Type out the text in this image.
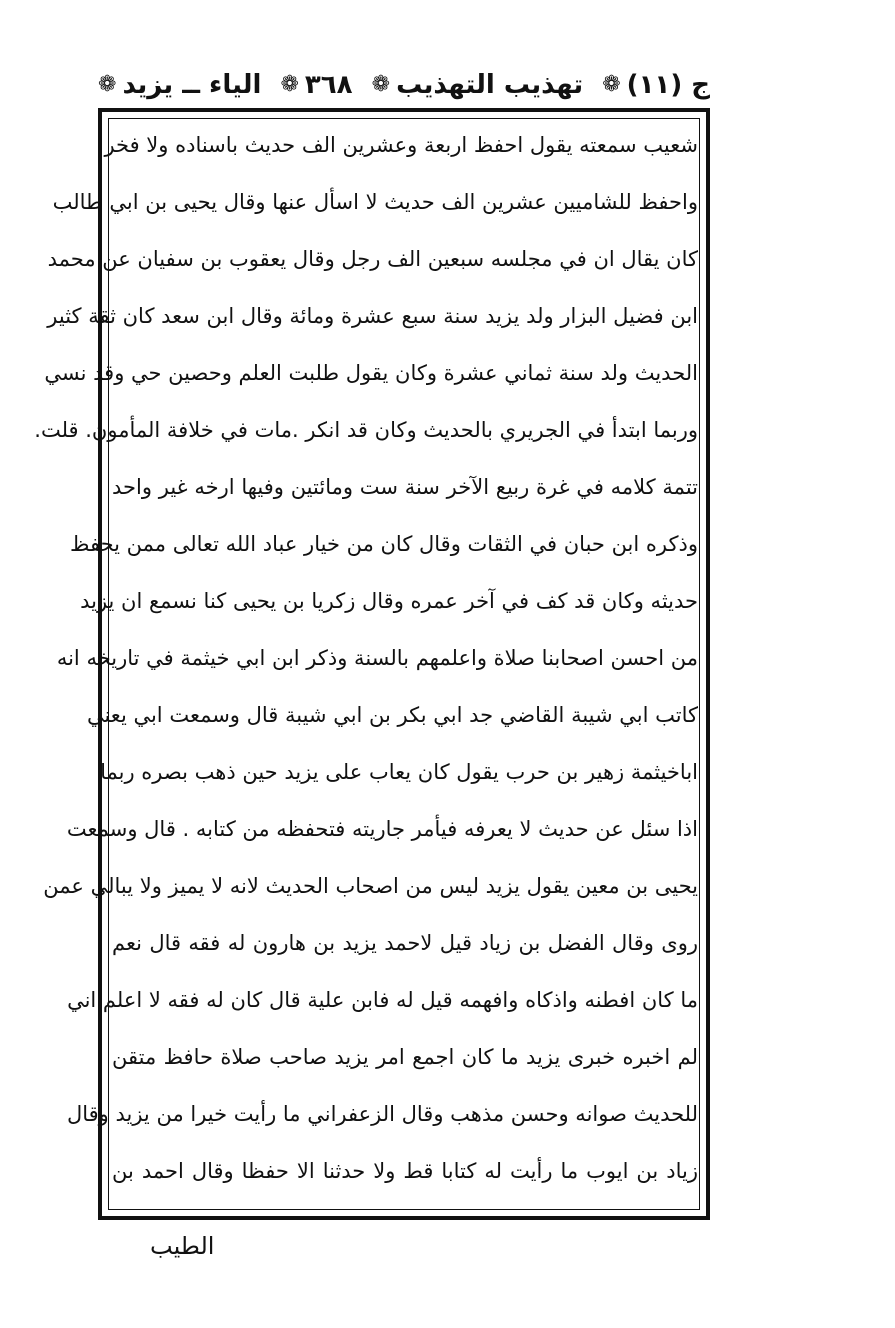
ج (١١)
❁
تهذيب التهذيب
❁
٣٦٨
❁
الياء ــ يزيد
❁
شعيب سمعته يقول احفظ اربعة وعشرين الف حديث باسناده ولا فخر
واحفظ للشاميين عشرين الف حديث لا اسأل عنها وقال يحيى بن ابي طالب
كان يقال ان في مجلسه سبعين الف رجل وقال يعقوب بن سفيان عن محمد
ابن فضيل البزار ولد يزيد سنة سبع عشرة ومائة وقال ابن سعد كان ثقة كثير
الحديث ولد سنة ثماني عشرة وكان يقول طلبت العلم وحصين حي وقد نسي
وربما ابتدأ في الجريري بالحديث وكان قد انكر .مات في خلافة المأمون. قلت.
تتمة كلامه في غرة ربيع الآخر سنة ست ومائتين وفيها ارخه غير واحد
وذكره ابن حبان في الثقات وقال كان من خيار عباد الله تعالى ممن يحفظ
حديثه وكان قد كف في آخر عمره وقال زكريا بن يحيى كنا نسمع ان يزيد
من احسن اصحابنا صلاة واعلمهم بالسنة وذكر ابن ابي خيثمة في تاريخه انه
كاتب ابي شيبة القاضي جد ابي بكر بن ابي شيبة قال وسمعت ابي يعني
اباخيثمة زهير بن حرب يقول كان يعاب على يزيد حين ذهب بصره ربما
اذا سئل عن حديث لا يعرفه فيأمر جاريته فتحفظه من كتابه . قال وسمعت
يحيى بن معين يقول يزيد ليس من اصحاب الحديث لانه لا يميز ولا يبالي عمن
روى وقال الفضل بن زياد قيل لاحمد يزيد بن هارون له فقه قال نعم
ما كان افطنه واذكاه وافهمه قيل له فابن علية قال كان له فقه لا اعلم اني
لم اخبره خبرى يزيد ما كان اجمع امر يزيد صاحب صلاة حافظ متقن
للحديث صوانه وحسن مذهب وقال الزعفراني ما رأيت خيرا من يزيد وقال
زياد بن ايوب ما رأيت له كتابا قط ولا حدثنا الا حفظا وقال احمد بن
الطيب
